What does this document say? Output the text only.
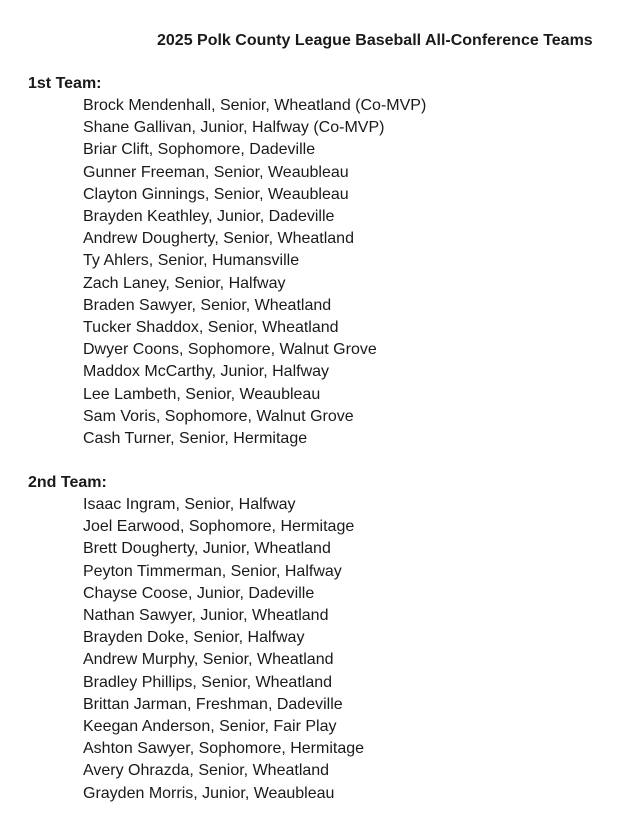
2025 Polk County League Baseball All-Conference Teams
1st Team:
Brock Mendenhall, Senior, Wheatland (Co-MVP)
Shane Gallivan, Junior, Halfway (Co-MVP)
Briar Clift, Sophomore, Dadeville
Gunner Freeman, Senior, Weaubleau
Clayton Ginnings, Senior, Weaubleau
Brayden Keathley, Junior, Dadeville
Andrew Dougherty, Senior, Wheatland
Ty Ahlers, Senior, Humansville
Zach Laney, Senior, Halfway
Braden Sawyer, Senior, Wheatland
Tucker Shaddox, Senior, Wheatland
Dwyer Coons, Sophomore, Walnut Grove
Maddox McCarthy, Junior, Halfway
Lee Lambeth, Senior, Weaubleau
Sam Voris, Sophomore, Walnut Grove
Cash Turner, Senior, Hermitage
2nd Team:
Isaac Ingram, Senior, Halfway
Joel Earwood, Sophomore, Hermitage
Brett Dougherty, Junior, Wheatland
Peyton Timmerman, Senior, Halfway
Chayse Coose, Junior, Dadeville
Nathan Sawyer, Junior, Wheatland
Brayden Doke, Senior, Halfway
Andrew Murphy, Senior, Wheatland
Bradley Phillips, Senior, Wheatland
Brittan Jarman, Freshman, Dadeville
Keegan Anderson, Senior, Fair Play
Ashton Sawyer, Sophomore, Hermitage
Avery Ohrazda, Senior, Wheatland
Grayden Morris, Junior, Weaubleau
